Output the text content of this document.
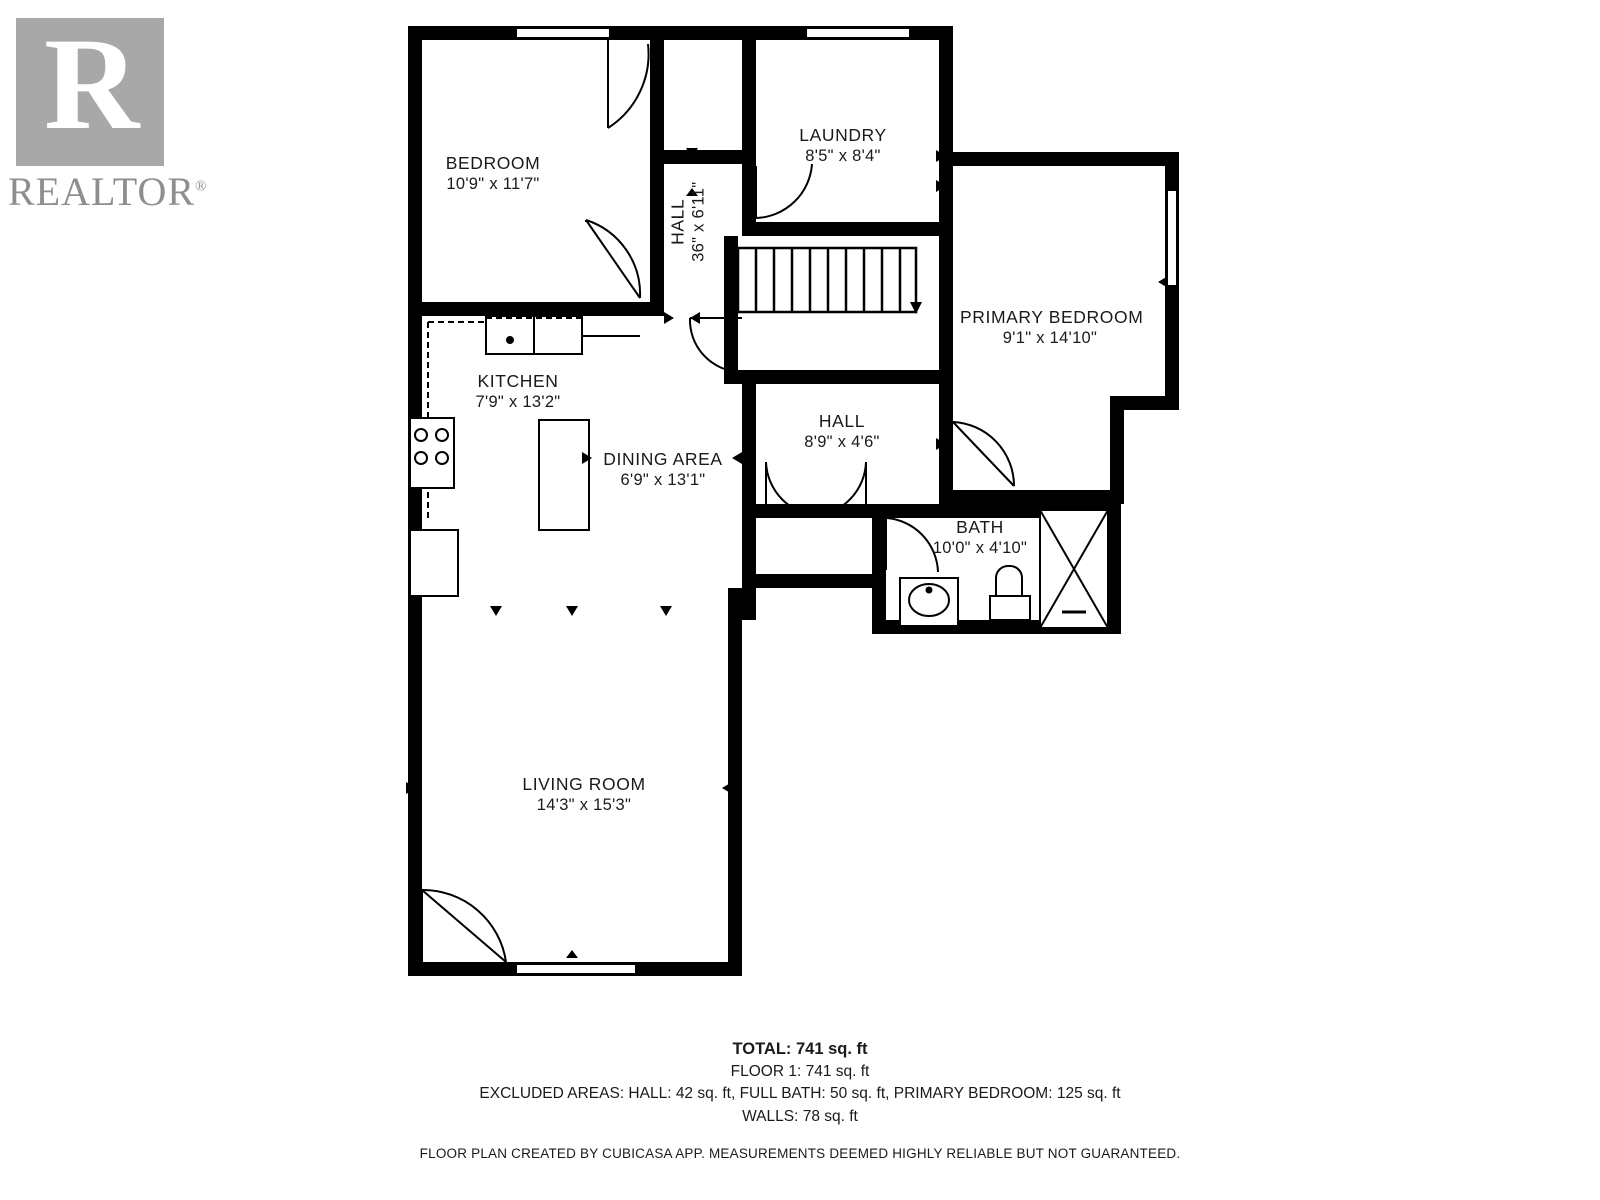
R
REALTOR®
BEDROOM
10'9" x 11'7"
LAUNDRY
8'5" x 8'4"
HALL 36" x 6'11"
PRIMARY BEDROOM
9'1" x 14'10"
KITCHEN
7'9" x 13'2"
DINING AREA
6'9" x 13'1"
HALL
8'9" x 4'6"
BATH
10'0" x 4'10"
LIVING ROOM
14'3" x 15'3"
TOTAL: 741 sq. ft
FLOOR 1: 741 sq. ft
EXCLUDED AREAS: HALL: 42 sq. ft, FULL BATH: 50 sq. ft, PRIMARY BEDROOM: 125 sq. ft
WALLS: 78 sq. ft
FLOOR PLAN CREATED BY CUBICASA APP. MEASUREMENTS DEEMED HIGHLY RELIABLE BUT NOT GUARANTEED.
